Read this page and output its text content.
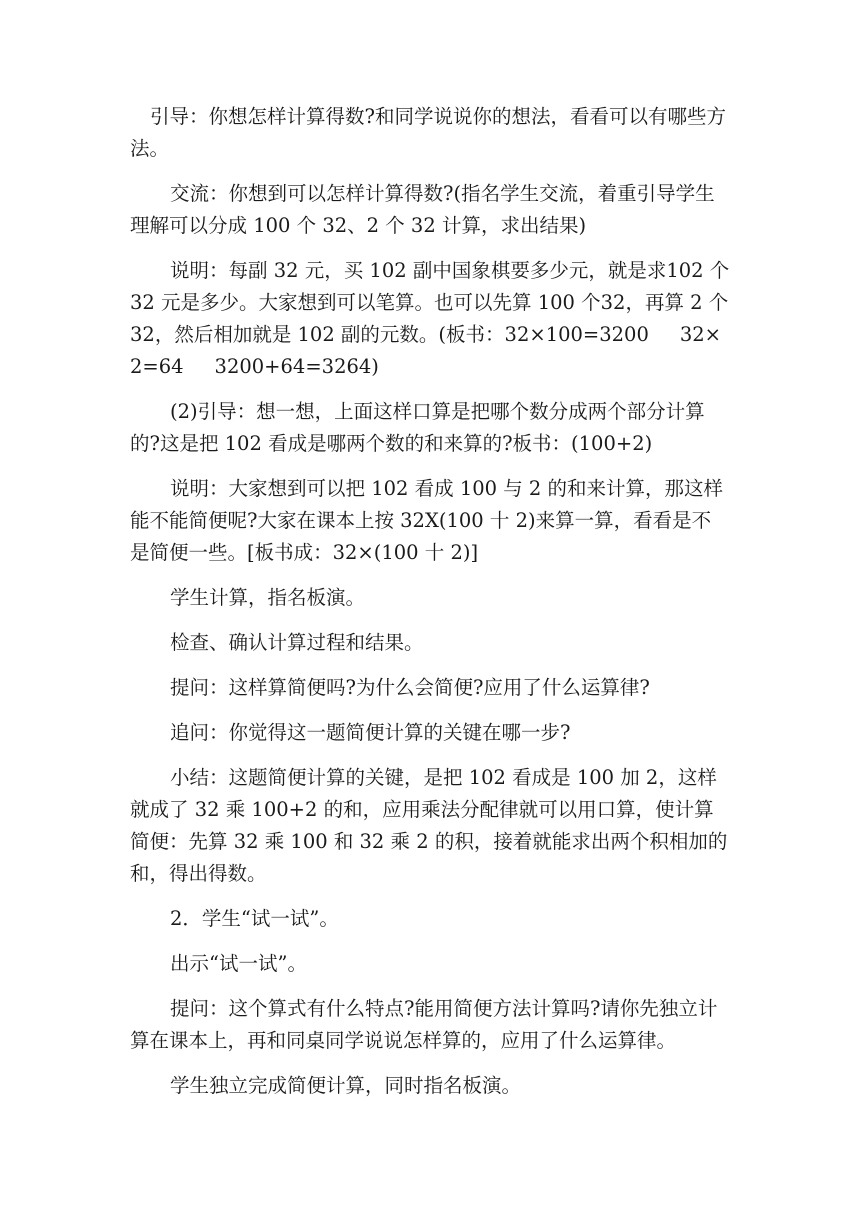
引导：你想怎样计算得数?和同学说说你的想法，看看可以有哪些方法。

交流：你想到可以怎样计算得数?(指名学生交流，着重引导学生理解可以分成 100 个 32、2 个 32 计算，求出结果)

说明：每副 32 元，买 102 副中国象棋要多少元，就是求102 个 32 元是多少。大家想到可以笔算。也可以先算 100 个32，再算 2 个 32，然后相加就是 102 副的元数。(板书：32×100=3200     32×2=64     3200+64=3264)

(2)引导：想一想，上面这样口算是把哪个数分成两个部分计算的?这是把 102 看成是哪两个数的和来算的?板书：(100+2)

说明：大家想到可以把 102 看成 100 与 2 的和来计算，那这样能不能简便呢?大家在课本上按 32X(100 十 2)来算一算，看看是不是简便一些。[板书成：32×(100 十 2)]

学生计算，指名板演。

检查、确认计算过程和结果。

提问：这样算简便吗?为什么会简便?应用了什么运算律?

追问：你觉得这一题简便计算的关键在哪一步?

小结：这题简便计算的关键，是把 102 看成是 100 加 2，这样就成了 32 乘 100+2 的和，应用乘法分配律就可以用口算，使计算简便：先算 32 乘 100 和 32 乘 2 的积，接着就能求出两个积相加的和，得出得数。

2．学生“试一试”。

出示“试一试”。

提问：这个算式有什么特点?能用简便方法计算吗?请你先独立计算在课本上，再和同桌同学说说怎样算的，应用了什么运算律。

学生独立完成简便计算，同时指名板演。
